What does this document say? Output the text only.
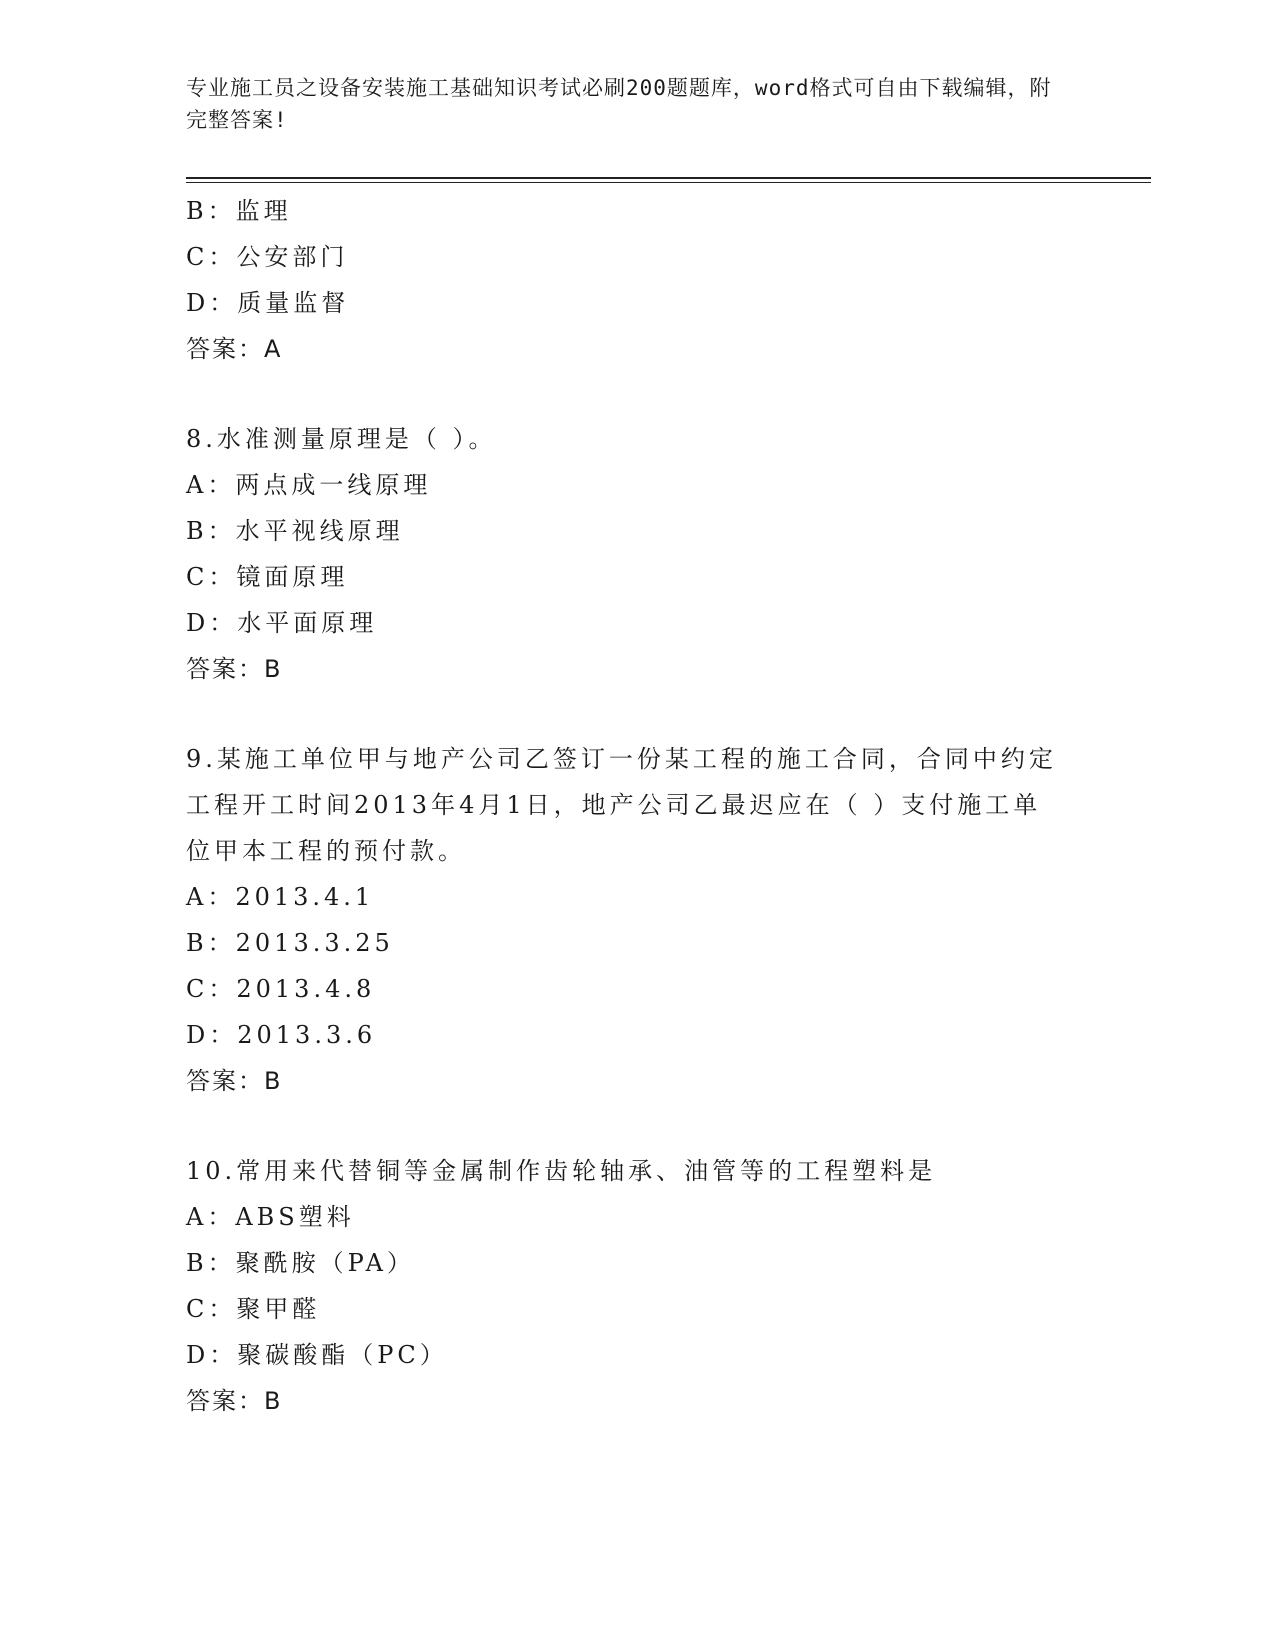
专业施工员之设备安装施工基础知识考试必刷200题题库，word格式可自由下载编辑，附完整答案!
B：监理
C：公安部门
D：质量监督
答案：A
8.水准测量原理是（ ）。
A：两点成一线原理
B：水平视线原理
C：镜面原理
D：水平面原理
答案：B
9.某施工单位甲与地产公司乙签订一份某工程的施工合同，合同中约定工程开工时间2013年4月1日，地产公司乙最迟应在（ ）支付施工单位甲本工程的预付款。
A：2013.4.1
B：2013.3.25
C：2013.4.8
D：2013.3.6
答案：B
10.常用来代替铜等金属制作齿轮轴承、油管等的工程塑料是
A：ABS塑料
B：聚酰胺（PA）
C：聚甲醛
D：聚碳酸酯（PC）
答案：B
